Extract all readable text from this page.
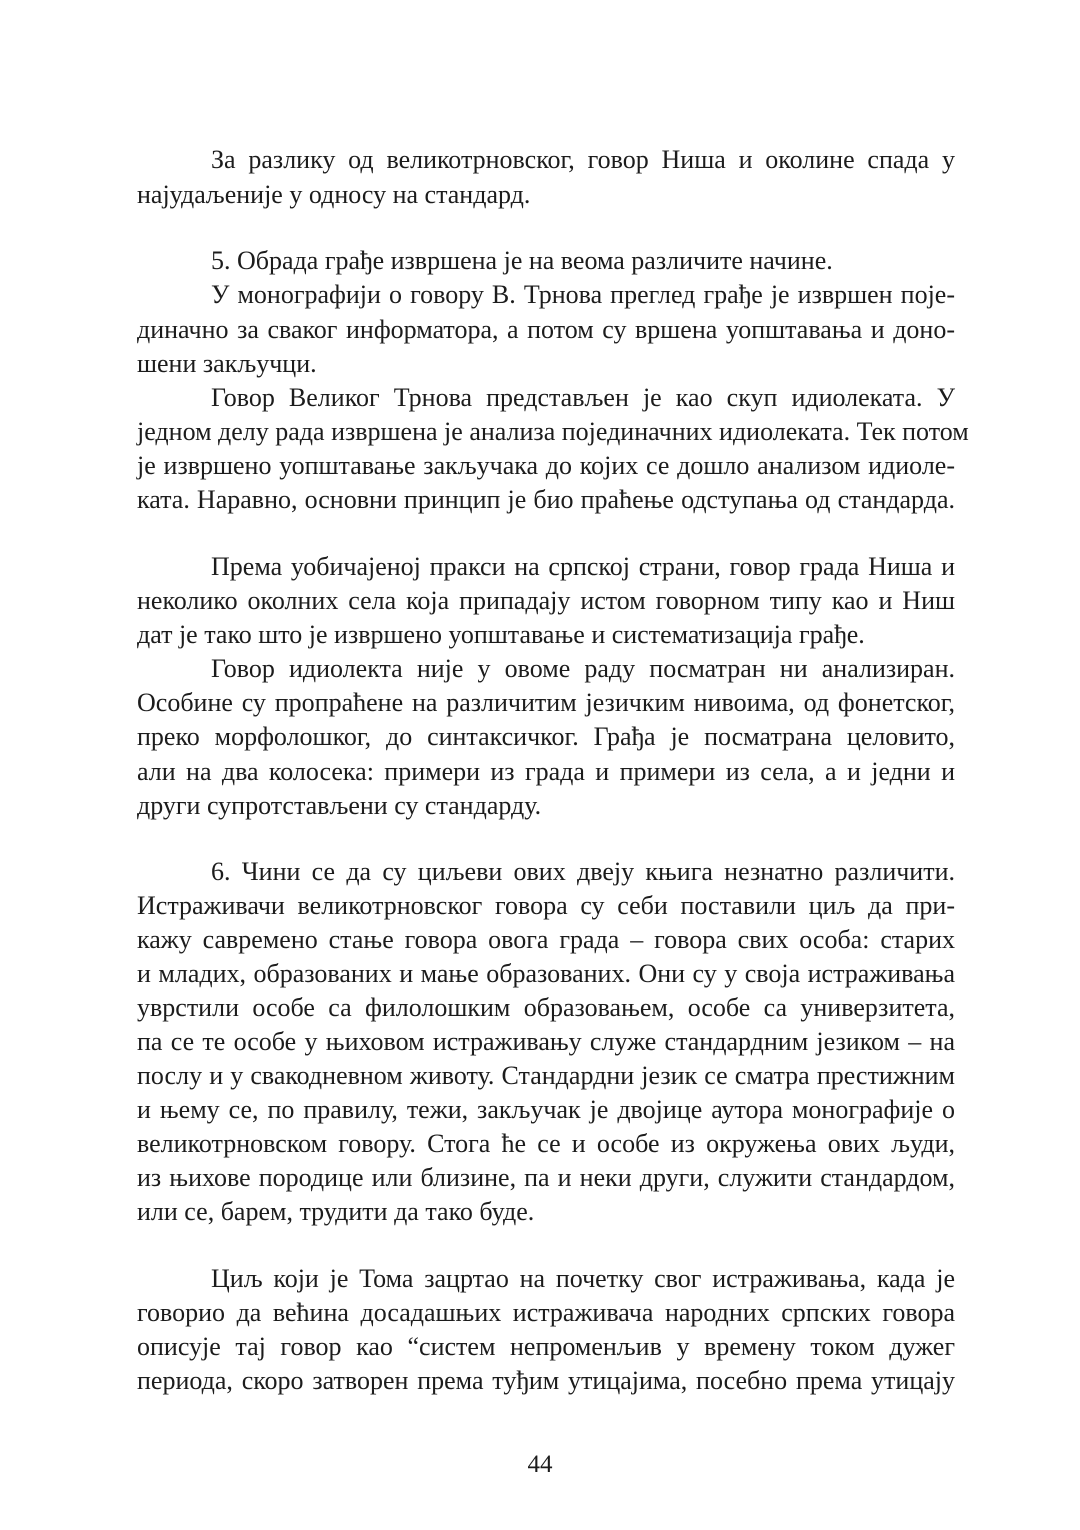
За разлику од великотрновског, говор Ниша и околине спада у
најудаљеније у односу на стандард.
5. Обрада грађе извршена је на веома различите начине.
У монографији о говору В. Трнова преглед грађе је извршен поје-
диначно за сваког информатора, а потом су вршена уопштавања и доно-
шени закључци.
Говор Великог Трнова представљен је као скуп идиолеката. У
једном делу рада извршена је анализа појединачних идиолеката. Тек потом
је извршено уопштавање закључака до којих се дошло анализом идиоле-
ката. Наравно, основни принцип је био праћење одступања од стандарда.
Према уобичајеној пракси на српској страни, говор града Ниша и
неколико околних села која припадају истом говорном типу као и Ниш
дат је тако што је извршено уопштавање и систематизација грађе.
Говор идиолекта није у овоме раду посматран ни анализиран.
Особине су пропраћене на различитим језичким нивоима, од фонетског,
преко морфолошког, до синтаксичког. Грађа је посматрана целовито,
али на два колосека: примери из града и примери из села, а и једни и
други супротстављени су стандарду.
6. Чини се да су циљеви ових двеју књига незнатно различити.
Истраживачи великотрновског говора су себи поставили циљ да при-
кажу савремено стање говора овога града – говора свих особа: старих
и младих, образованих и мање образованих. Они су у своја истраживања
уврстили особе са филолошким образовањем, особе са универзитета,
па се те особе у њиховом истраживању служе стандардним језиком – на
послу и у свакодневном животу. Стандардни језик се сматра престижним
и њему се, по правилу, тежи, закључак је двојице аутора монографије о
великотрновском говору. Стога ће се и особе из окружења ових људи,
из њихове породице или близине, па и неки други, служити стандардом,
или се, барем, трудити да тако буде.
Циљ који је Тома зацртао на почетку свог истраживања, када је
говорио да већина досадашњих истраживача народних српских говора
описује тај говор као “систем непроменљив у времену током дужег
периода, скоро затворен према туђим утицајима, посебно према утицају
44
